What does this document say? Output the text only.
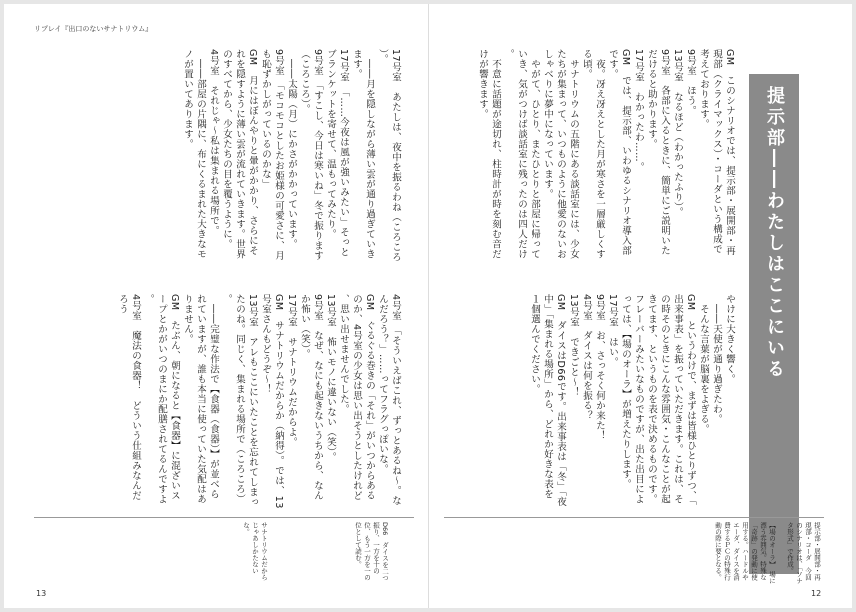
リプレイ『出口のないサナトリウム』
提示部――わたしはここにいる
GM　このシナリオでは、提示部・展開部・再現部（クライマックス）・コーダという構成で考えております。
9号室　ほう。
13号室　なるほど（わかったふり）。
9号室　各部に入るときに、簡単にご説明いただけると助かります。
17号室　わかったわ……。
GM　では、提示部、いわゆるシナリオ導入部です。
　夜。冴え冴えとした月が寒さを一層厳しくする頃。
　サナトリウムの五階にある談話室には、少女たちが集まって、いつものように他愛のないおしゃべりに夢中になっています。
　やがて、ひとり、またひとりと部屋に帰っていき、気がつけば談話室に残ったのは四人だけ。
　不意に話題が途切れ、柱時計が時を刻む音だけが響きます。
やけに大きく響く。
　――天使が通り過ぎたわ。
　そんな言葉が脳裏をよぎる。
GM　というわけで、まずは皆様ひとりずつ、「出来事表」を振っていただきます。これは、その時そのときにこんな雰囲気・こんなことが起きてます、というものを表で決めるものです。フレーバーみたいなものですが、出た出目によっては、【場のオーラ】が増えたりします。
17号室　はい。
9号室　お、さっそく何か来た！
4号室　ダイスは何を振る？
13号室　できごと～！
GM　ダイスはD66です。出来事表は「冬」「夜中」「集まれる場所」から、どれか好きな表を１個選んでください。
提示部・展開部・再現部・コーダ　今回のシナリオは、「ソナタ形式」で作成。
【場のオーラ】　場に漂う雰囲気。特殊な「奇跡」の発動に使用する。ハードルやエーダ、ダイスを消費するＰＣの特殊行動の際に要となる。
12
17号室　あたしは、夜中を振るわね（ころころ）。
　――月を隠しながら薄い雲が通り過ぎていきます。
17号室　「……今夜は風が強いみたい」そっとブランケットを寄せて、温もってみたり。
9号室　「すこし、今日は寒いね」冬で振ります（ころころ）。
　――太陽（月）にかさがかかっています。
9号室　「モコモコとしたお姫様の可愛さに、月も恥ずかしがっているのかな」
GM　月にはぼんやりと暈がかかり、さらにそれを隠すように薄い雲が流れていきます。世界のすべてから、少女たちの目を覆うように。
4号室　それじゃ～私は集まれる場所で。
　――部屋の片隅に、布にくるまれた大きなモノが置いてあります。
4号室　「そういえばこれ、ずっとあるね～。なんだろう？」……ってフラグっぽいな。
GM　ぐるぐる巻きの「それ」がいつからあるのか、4号室の少女は思い出そうとしたけれど、思い出せませんでした。
13号室　怖いモノに違いない（笑）。
9号室　なぜ、なにも起きないうちから、なんか怖い（笑）。
17号室　サナトリウムだからよ。
GM　サナトリウムだからか（納得）。では、13号室さんもどうぞ～！
13号室　アレもここにいたことを忘れてしまったのね。同じく、集まれる場所で（ころころ）。
　――完璧な作法で【食器（食器）】が並べられていますが、誰も本当に使っていた気配はありません。
GM　たぶん、朝になると【食器】に混ざいスープとかがいつのまにか配膳されてるんですよ。
4号室　魔法の食器！　どういう仕組みなんだろう
D66　ダイスを二つ振り、一方を十の位、もう一方を一の位として読む。
サナトリウムだから　じゃあしかたないな。
13
